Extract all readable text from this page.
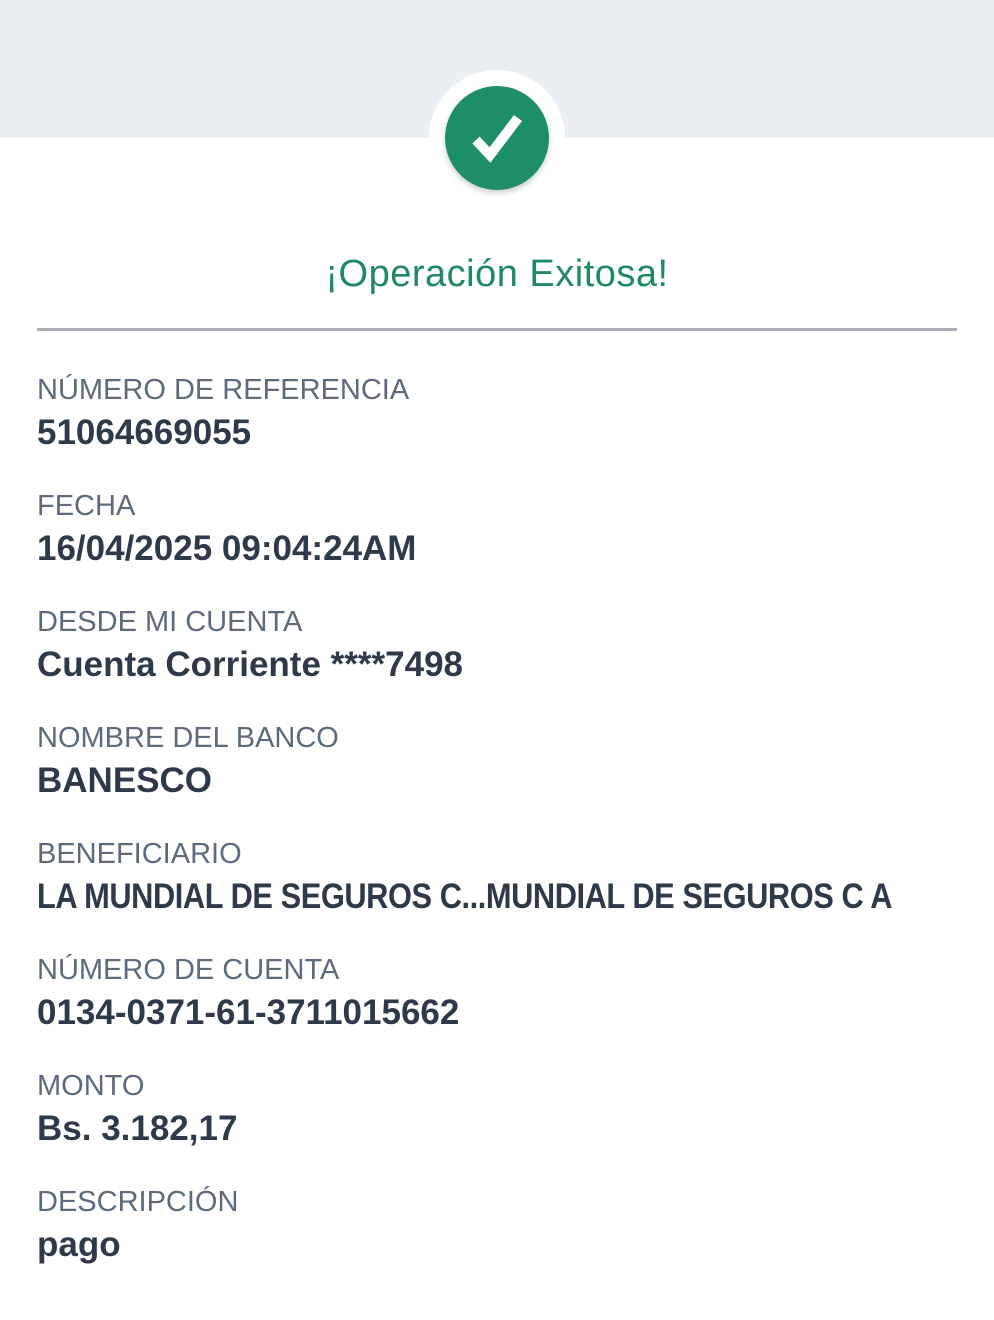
¡Operación Exitosa!
NÚMERO DE REFERENCIA
51064669055
FECHA
16/04/2025 09:04:24AM
DESDE MI CUENTA
Cuenta Corriente ****7498
NOMBRE DEL BANCO
BANESCO
BENEFICIARIO
LA MUNDIAL DE SEGUROS C...MUNDIAL DE SEGUROS C A
NÚMERO DE CUENTA
0134-0371-61-3711015662
MONTO
Bs. 3.182,17
DESCRIPCIÓN
pago
